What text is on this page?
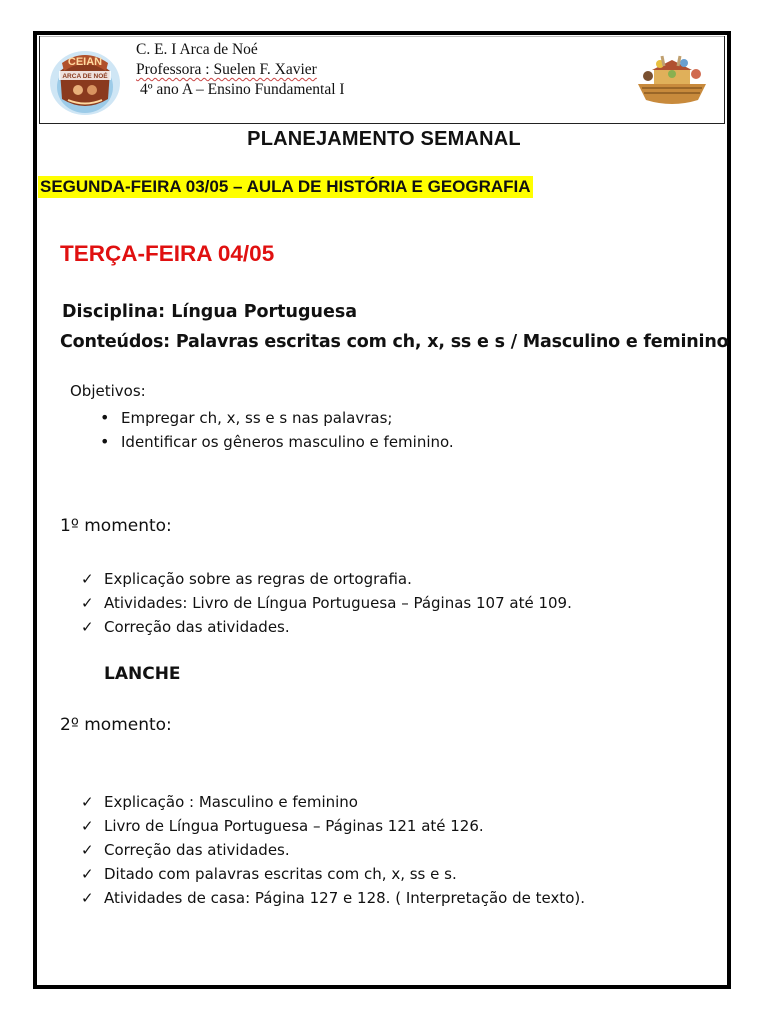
CEIAN
ARCA DE NOÉ
C. E. I Arca de Noé
Professora : Suelen F. Xavier
4º ano A – Ensino Fundamental I
PLANEJAMENTO SEMANAL
SEGUNDA-FEIRA 03/05 – AULA DE HISTÓRIA E GEOGRAFIA
TERÇA-FEIRA 04/05
Disciplina: Língua Portuguesa
Conteúdos: Palavras escritas com ch, x, ss e s / Masculino e feminino
Objetivos:
• Empregar ch, x, ss e s nas palavras;
• Identificar os gêneros masculino e feminino.
1º momento:
✓ Explicação sobre as regras de ortografia.
✓ Atividades: Livro de Língua Portuguesa – Páginas 107 até 109.
✓ Correção das atividades.
LANCHE
2º momento:
✓ Explicação : Masculino e feminino
✓ Livro de Língua Portuguesa – Páginas 121 até 126.
✓ Correção das atividades.
✓ Ditado com palavras escritas com ch, x, ss e s.
✓ Atividades de casa: Página 127 e 128. ( Interpretação de texto).
